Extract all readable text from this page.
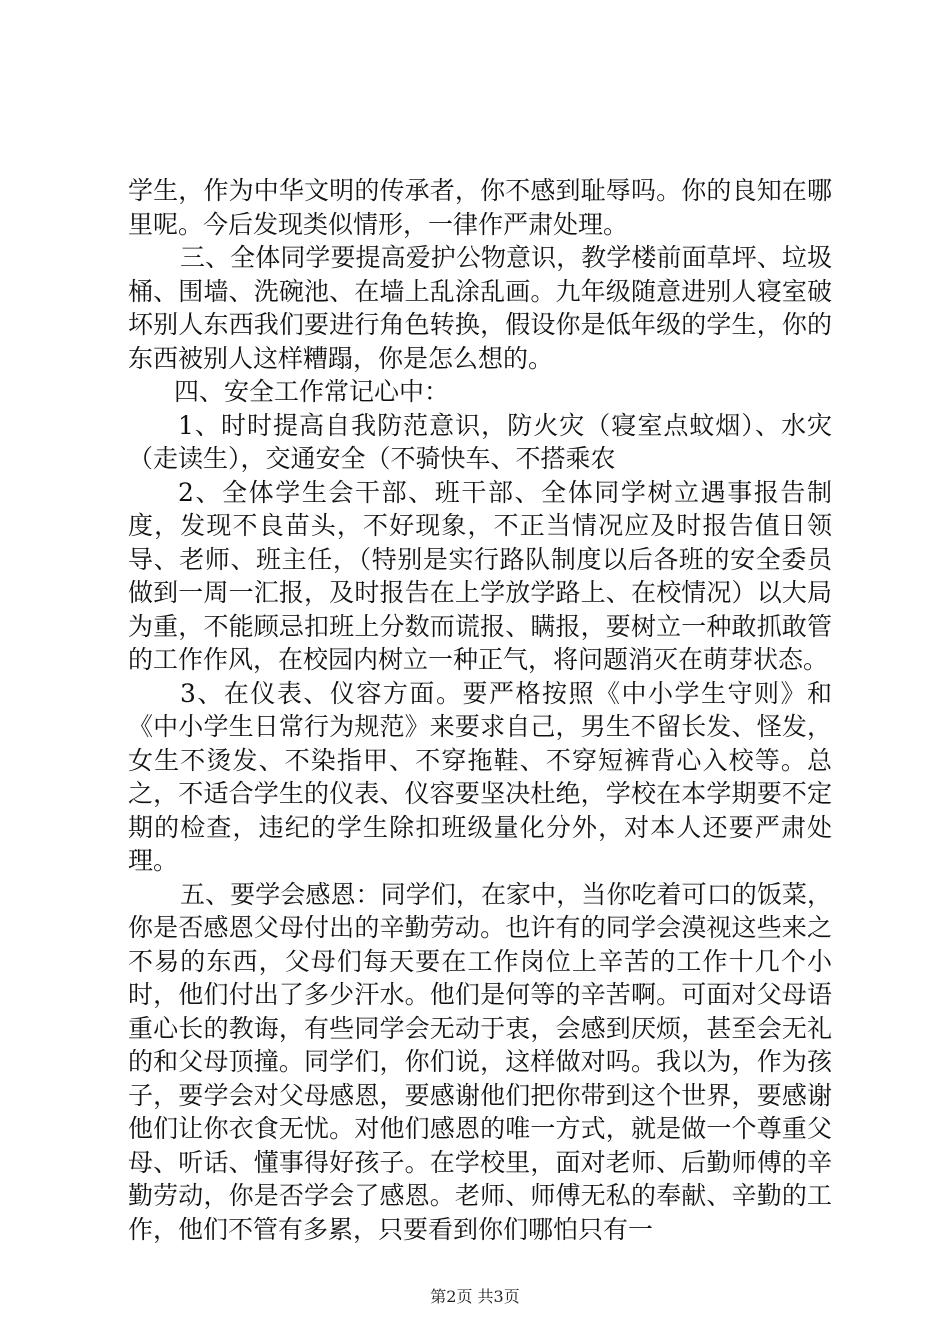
学生，作为中华文明的传承者，你不感到耻辱吗。你的良知在哪里呢。今后发现类似情形，一律作严肃处理。

三、全体同学要提高爱护公物意识，教学楼前面草坪、垃圾桶、围墙、洗碗池、在墙上乱涂乱画。九年级随意进别人寝室破坏别人东西我们要进行角色转换，假设你是低年级的学生，你的东西被别人这样糟蹋，你是怎么想的。

四、安全工作常记心中：

1、时时提高自我防范意识，防火灾（寝室点蚊烟）、水灾（走读生），交通安全（不骑快车、不搭乘农

2、全体学生会干部、班干部、全体同学树立遇事报告制度，发现不良苗头，不好现象，不正当情况应及时报告值日领导、老师、班主任，（特别是实行路队制度以后各班的安全委员做到一周一汇报，及时报告在上学放学路上、在校情况）以大局为重，不能顾忌扣班上分数而谎报、瞒报，要树立一种敢抓敢管的工作作风，在校园内树立一种正气，将问题消灭在萌芽状态。

3、在仪表、仪容方面。要严格按照《中小学生守则》和《中小学生日常行为规范》来要求自己，男生不留长发、怪发，女生不烫发、不染指甲、不穿拖鞋、不穿短裤背心入校等。总之，不适合学生的仪表、仪容要坚决杜绝，学校在本学期要不定期的检查，违纪的学生除扣班级量化分外，对本人还要严肃处理。

五、要学会感恩：同学们，在家中，当你吃着可口的饭菜，你是否感恩父母付出的辛勤劳动。也许有的同学会漠视这些来之不易的东西，父母们每天要在工作岗位上辛苦的工作十几个小时，他们付出了多少汗水。他们是何等的辛苦啊。可面对父母语重心长的教诲，有些同学会无动于衷，会感到厌烦，甚至会无礼的和父母顶撞。同学们，你们说，这样做对吗。我以为，作为孩子，要学会对父母感恩，要感谢他们把你带到这个世界，要感谢他们让你衣食无忧。对他们感恩的唯一方式，就是做一个尊重父母、听话、懂事得好孩子。在学校里，面对老师、后勤师傅的辛勤劳动，你是否学会了感恩。老师、师傅无私的奉献、辛勤的工作，他们不管有多累，只要看到你们哪怕只有一

第2页 共3页
